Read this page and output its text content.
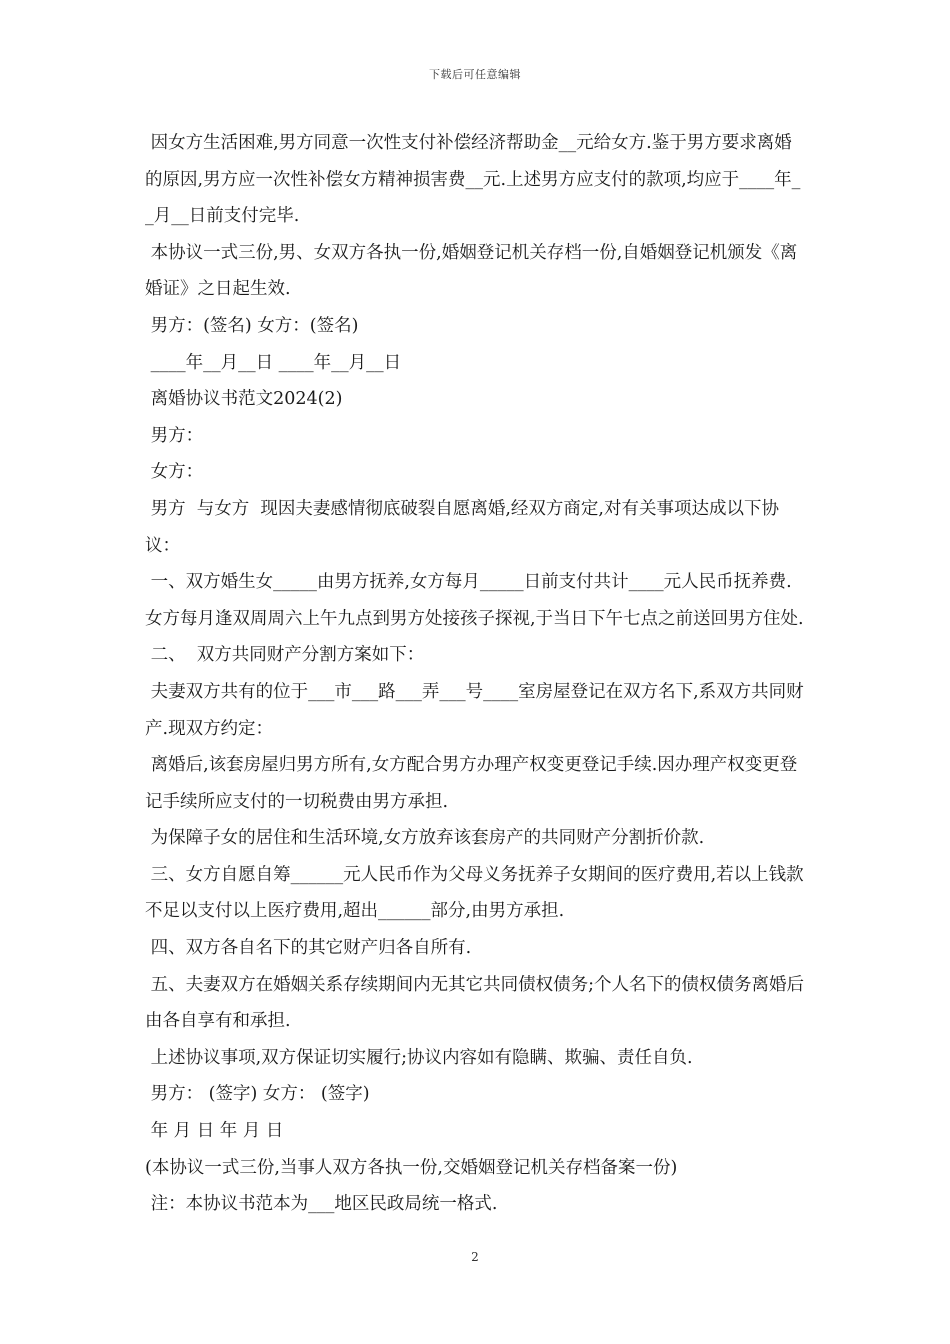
下载后可任意编辑

因女方生活困难,男方同意一次性支付补偿经济帮助金__元给女方.鉴于男方要求离婚的原因,男方应一次性补偿女方精神损害费__元.上述男方应支付的款项,均应于____年__月__日前支付完毕.

本协议一式三份,男、女双方各执一份,婚姻登记机关存档一份,自婚姻登记机颁发《离婚证》之日起生效.

男方：(签名) 女方：(签名)

____年__月__日 ____年__月__日

离婚协议书范文2024(2)

男方：

女方：

男方  与女方  现因夫妻感情彻底破裂自愿离婚,经双方商定,对有关事项达成以下协议：

一、双方婚生女_____由男方抚养,女方每月_____日前支付共计____元人民币抚养费.女方每月逢双周周六上午九点到男方处接孩子探视,于当日下午七点之前送回男方住处.

二、  双方共同财产分割方案如下：

夫妻双方共有的位于___市___路___弄___号____室房屋登记在双方名下,系双方共同财产.现双方约定：

离婚后,该套房屋归男方所有,女方配合男方办理产权变更登记手续.因办理产权变更登记手续所应支付的一切税费由男方承担.

为保障子女的居住和生活环境,女方放弃该套房产的共同财产分割折价款.

三、女方自愿自筹______元人民币作为父母义务抚养子女期间的医疗费用,若以上钱款不足以支付以上医疗费用,超出______部分,由男方承担.

四、双方各自名下的其它财产归各自所有.

五、夫妻双方在婚姻关系存续期间内无其它共同债权债务;个人名下的债权债务离婚后由各自享有和承担.

上述协议事项,双方保证切实履行;协议内容如有隐瞒、欺骗、责任自负.

男方： (签字) 女方： (签字)

年 月 日 年 月 日

(本协议一式三份,当事人双方各执一份,交婚姻登记机关存档备案一份)

注：本协议书范本为___地区民政局统一格式.

2
